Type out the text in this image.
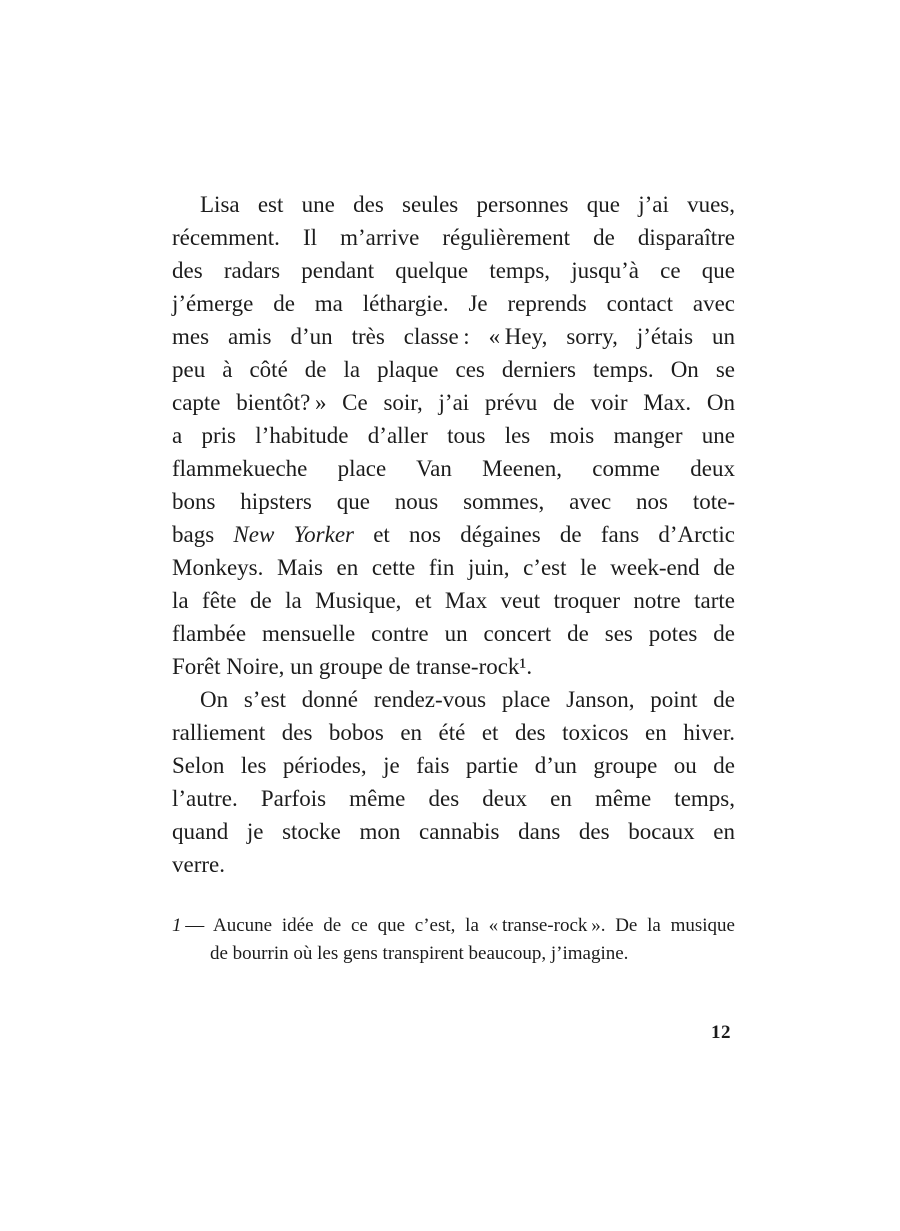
Lisa est une des seules personnes que j’ai vues,
récemment. Il m’arrive régulièrement de disparaître
des radars pendant quelque temps, jusqu’à ce que
j’émerge de ma léthargie. Je reprends contact avec
mes amis d’un très classe : « Hey, sorry, j’étais un
peu à côté de la plaque ces derniers temps. On se
capte bientôt? » Ce soir, j’ai prévu de voir Max. On
a pris l’habitude d’aller tous les mois manger une
flammekueche place Van Meenen, comme deux
bons hipsters que nous sommes, avec nos tote-
bags New Yorker et nos dégaines de fans d’Arctic
Monkeys. Mais en cette fin juin, c’est le week-end de
la fête de la Musique, et Max veut troquer notre tarte
flambée mensuelle contre un concert de ses potes de
Forêt Noire, un groupe de transe-rock¹.
On s’est donné rendez-vous place Janson, point de
ralliement des bobos en été et des toxicos en hiver.
Selon les périodes, je fais partie d’un groupe ou de
l’autre. Parfois même des deux en même temps,
quand je stocke mon cannabis dans des bocaux en
verre.
1 — Aucune idée de ce que c’est, la « transe-rock ». De la musique
de bourrin où les gens transpirent beaucoup, j’imagine.
12
